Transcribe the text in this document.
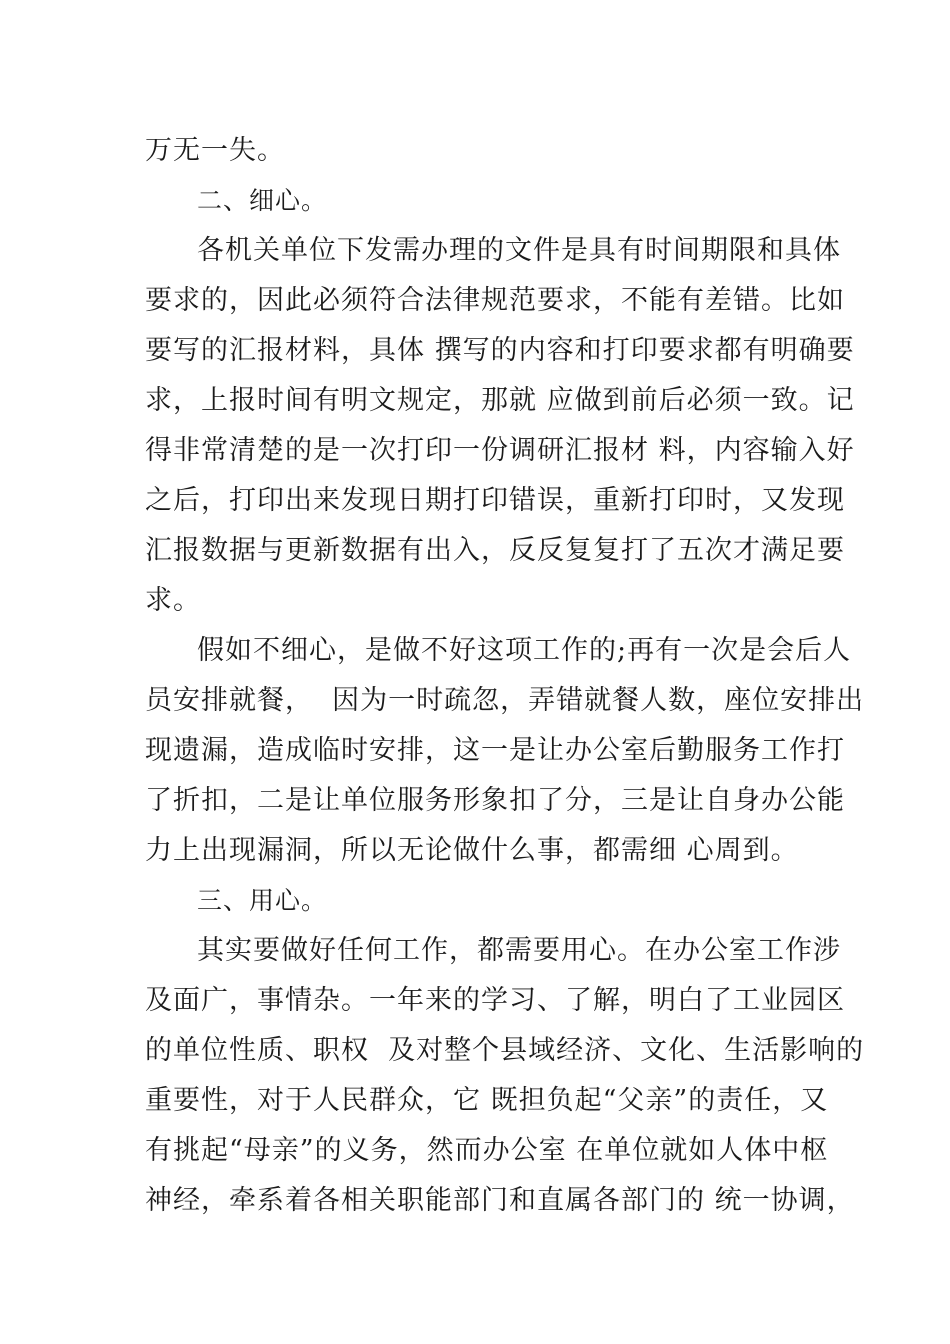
万无一失。
二、细心。
各机关单位下发需办理的文件是具有时间期限和具体
要求的，因此必须符合法律规范要求，不能有差错。比如
要写的汇报材料，具体 撰写的内容和打印要求都有明确要
求，上报时间有明文规定，那就 应做到前后必须一致。记
得非常清楚的是一次打印一份调研汇报材 料，内容输入好
之后，打印出来发现日期打印错误，重新打印时，又发现
汇报数据与更新数据有出入，反反复复打了五次才满足要
求。
假如不细心，是做不好这项工作的;再有一次是会后人
员安排就餐，  因为一时疏忽，弄错就餐人数，座位安排出
现遗漏，造成临时安排，这一是让办公室后勤服务工作打
了折扣，二是让单位服务形象扣了分，三是让自身办公能
力上出现漏洞，所以无论做什么事，都需细 心周到。
三、用心。
其实要做好任何工作，都需要用心。在办公室工作涉
及面广，事情杂。一年来的学习、了解，明白了工业园区
的单位性质、职权  及对整个县域经济、文化、生活影响的
重要性，对于人民群众，它 既担负起“父亲”的责任，又
有挑起“母亲”的义务，然而办公室 在单位就如人体中枢
神经，牵系着各相关职能部门和直属各部门的 统一协调，
